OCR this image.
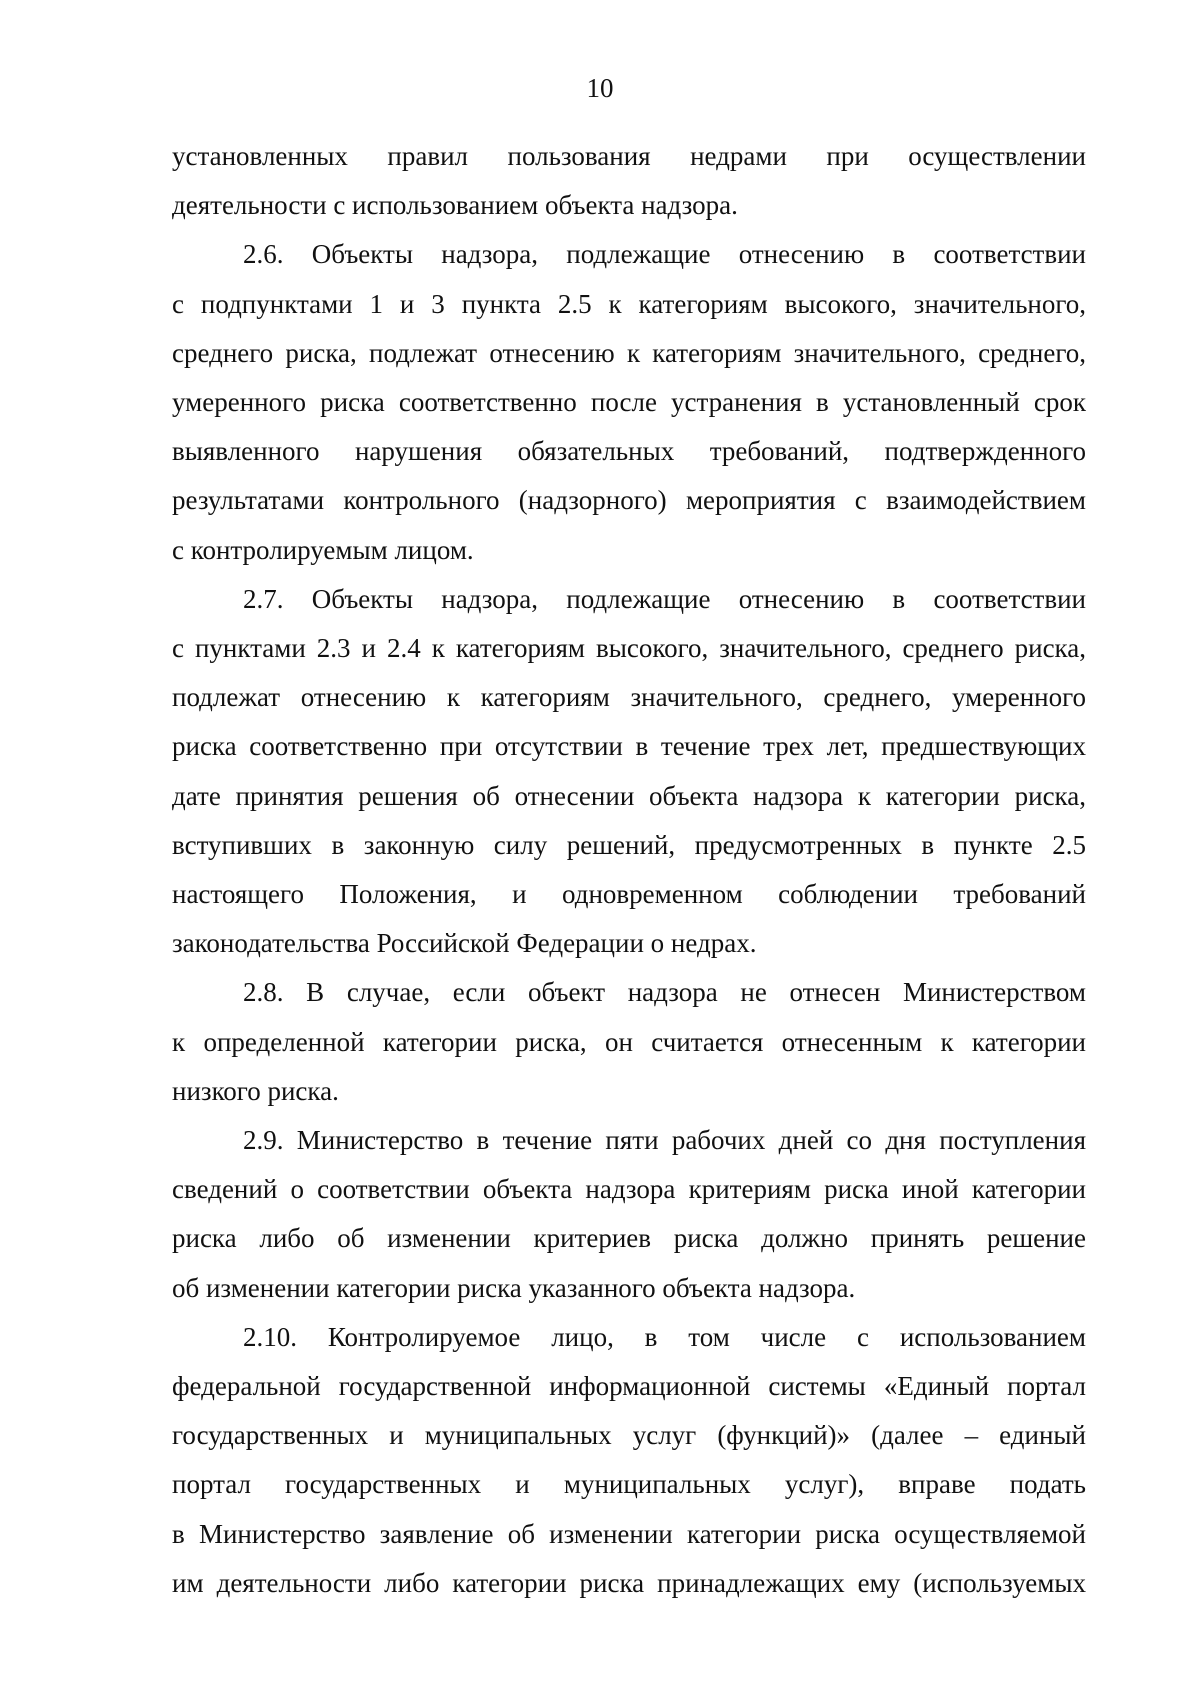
10
установленных правил пользования недрами при осуществлении
деятельности с использованием объекта надзора.
2.6. Объекты надзора, подлежащие отнесению в соответствии
с подпунктами 1 и 3 пункта 2.5 к категориям высокого, значительного,
среднего риска, подлежат отнесению к категориям значительного, среднего,
умеренного риска соответственно после устранения в установленный срок
выявленного нарушения обязательных требований, подтвержденного
результатами контрольного (надзорного) мероприятия с взаимодействием
с контролируемым лицом.
2.7. Объекты надзора, подлежащие отнесению в соответствии
с пунктами 2.3 и 2.4 к категориям высокого, значительного, среднего риска,
подлежат отнесению к категориям значительного, среднего, умеренного
риска соответственно при отсутствии в течение трех лет, предшествующих
дате принятия решения об отнесении объекта надзора к категории риска,
вступивших в законную силу решений, предусмотренных в пункте 2.5
настоящего Положения, и одновременном соблюдении требований
законодательства Российской Федерации о недрах.
2.8. В случае, если объект надзора не отнесен Министерством
к определенной категории риска, он считается отнесенным к категории
низкого риска.
2.9. Министерство в течение пяти рабочих дней со дня поступления
сведений о соответствии объекта надзора критериям риска иной категории
риска либо об изменении критериев риска должно принять решение
об изменении категории риска указанного объекта надзора.
2.10. Контролируемое лицо, в том числе с использованием
федеральной государственной информационной системы «Единый портал
государственных и муниципальных услуг (функций)» (далее – единый
портал государственных и муниципальных услуг), вправе подать
в Министерство заявление об изменении категории риска осуществляемой
им деятельности либо категории риска принадлежащих ему (используемых
